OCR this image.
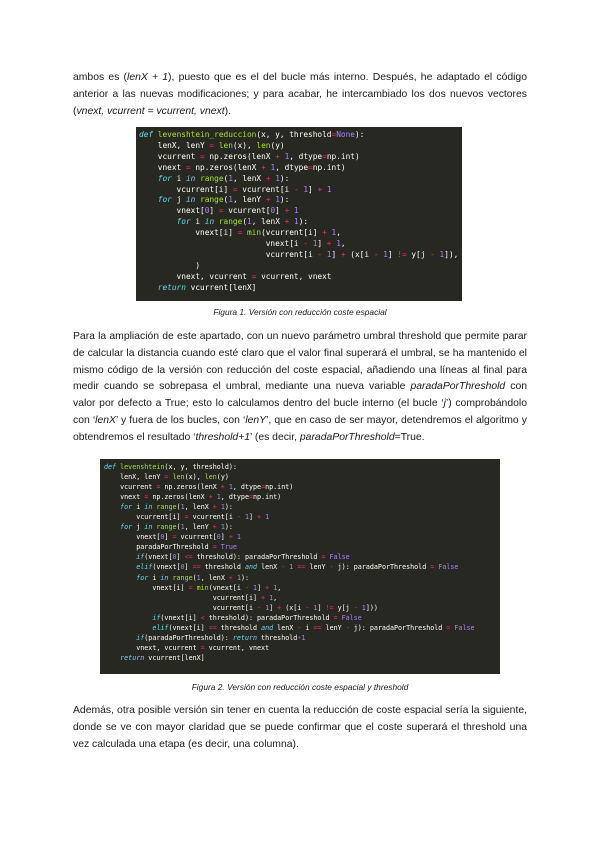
ambos es (lenX + 1), puesto que es el del bucle más interno. Después, he adaptado el código anterior a las nuevas modificaciones; y para acabar, he intercambiado los dos nuevos vectores (vnext, vcurrent = vcurrent, vnext).

def levenshtein_reduccion(x, y, threshold=None):
lenX, lenY = len(x), len(y)
vcurrent = np.zeros(lenX + 1, dtype=np.int)
vnext = np.zeros(lenX + 1, dtype=np.int)
for i in range(1, lenX + 1):
vcurrent[i] = vcurrent[i - 1] + 1
for j in range(1, lenY + 1):
vnext[0] = vcurrent[0] + 1
for i in range(1, lenX + 1):
vnext[i] = min(vcurrent[i] + 1,
vnext[i - 1] + 1,
vcurrent[i - 1] + (x[i - 1] != y[j - 1]),
)
vnext, vcurrent = vcurrent, vnext
return vcurrent[lenX]
Figura 1. Versión con reducción coste espacial

Para la ampliación de este apartado, con un nuevo parámetro umbral threshold que permite parar de calcular la distancia cuando esté claro que el valor final superará el umbral, se ha mantenido el mismo código de la versión con reducción del coste espacial, añadiendo una líneas al final para medir cuando se sobrepasa el umbral, mediante una nueva variable paradaPorThreshold con valor por defecto a True; esto lo calculamos dentro del bucle interno (el bucle ‘j’) comprobándolo con ‘lenX’ y fuera de los bucles, con ‘lenY’, que en caso de ser mayor, detendremos el algoritmo y obtendremos el resultado ‘threshold+1’ (es decir, paradaPorThreshold=True.

def levenshtein(x, y, threshold):
lenX, lenY = len(x), len(y)
vcurrent = np.zeros(lenX + 1, dtype=np.int)
vnext = np.zeros(lenX + 1, dtype=np.int)
for i in range(1, lenX + 1):
vcurrent[i] = vcurrent[i - 1] + 1
for j in range(1, lenY + 1):
vnext[0] = vcurrent[0] + 1
paradaPorThreshold = True
if(vnext[0] <= threshold): paradaPorThreshold = False
elif(vnext[0] == threshold and lenX - 1 == lenY - j): paradaPorThreshold = False
for i in range(1, lenX + 1):
vnext[i] = min(vnext[i - 1] + 1,
vcurrent[i] + 1,
vcurrent[i - 1] + (x[i - 1] != y[j - 1]))
if(vnext[i] < threshold): paradaPorThreshold = False
elif(vnext[i] == threshold and lenX - i == lenY - j): paradaPorThreshold = False
if(paradaPorThreshold): return threshold+1
vnext, vcurrent = vcurrent, vnext
return vcurrent[lenX]
Figura 2. Versión con reducción coste espacial y threshold

Además, otra posible versión sin tener en cuenta la reducción de coste espacial sería la siguiente, donde se ve con mayor claridad que se puede confirmar que el coste superará el threshold una vez calculada una etapa (es decir, una columna).
